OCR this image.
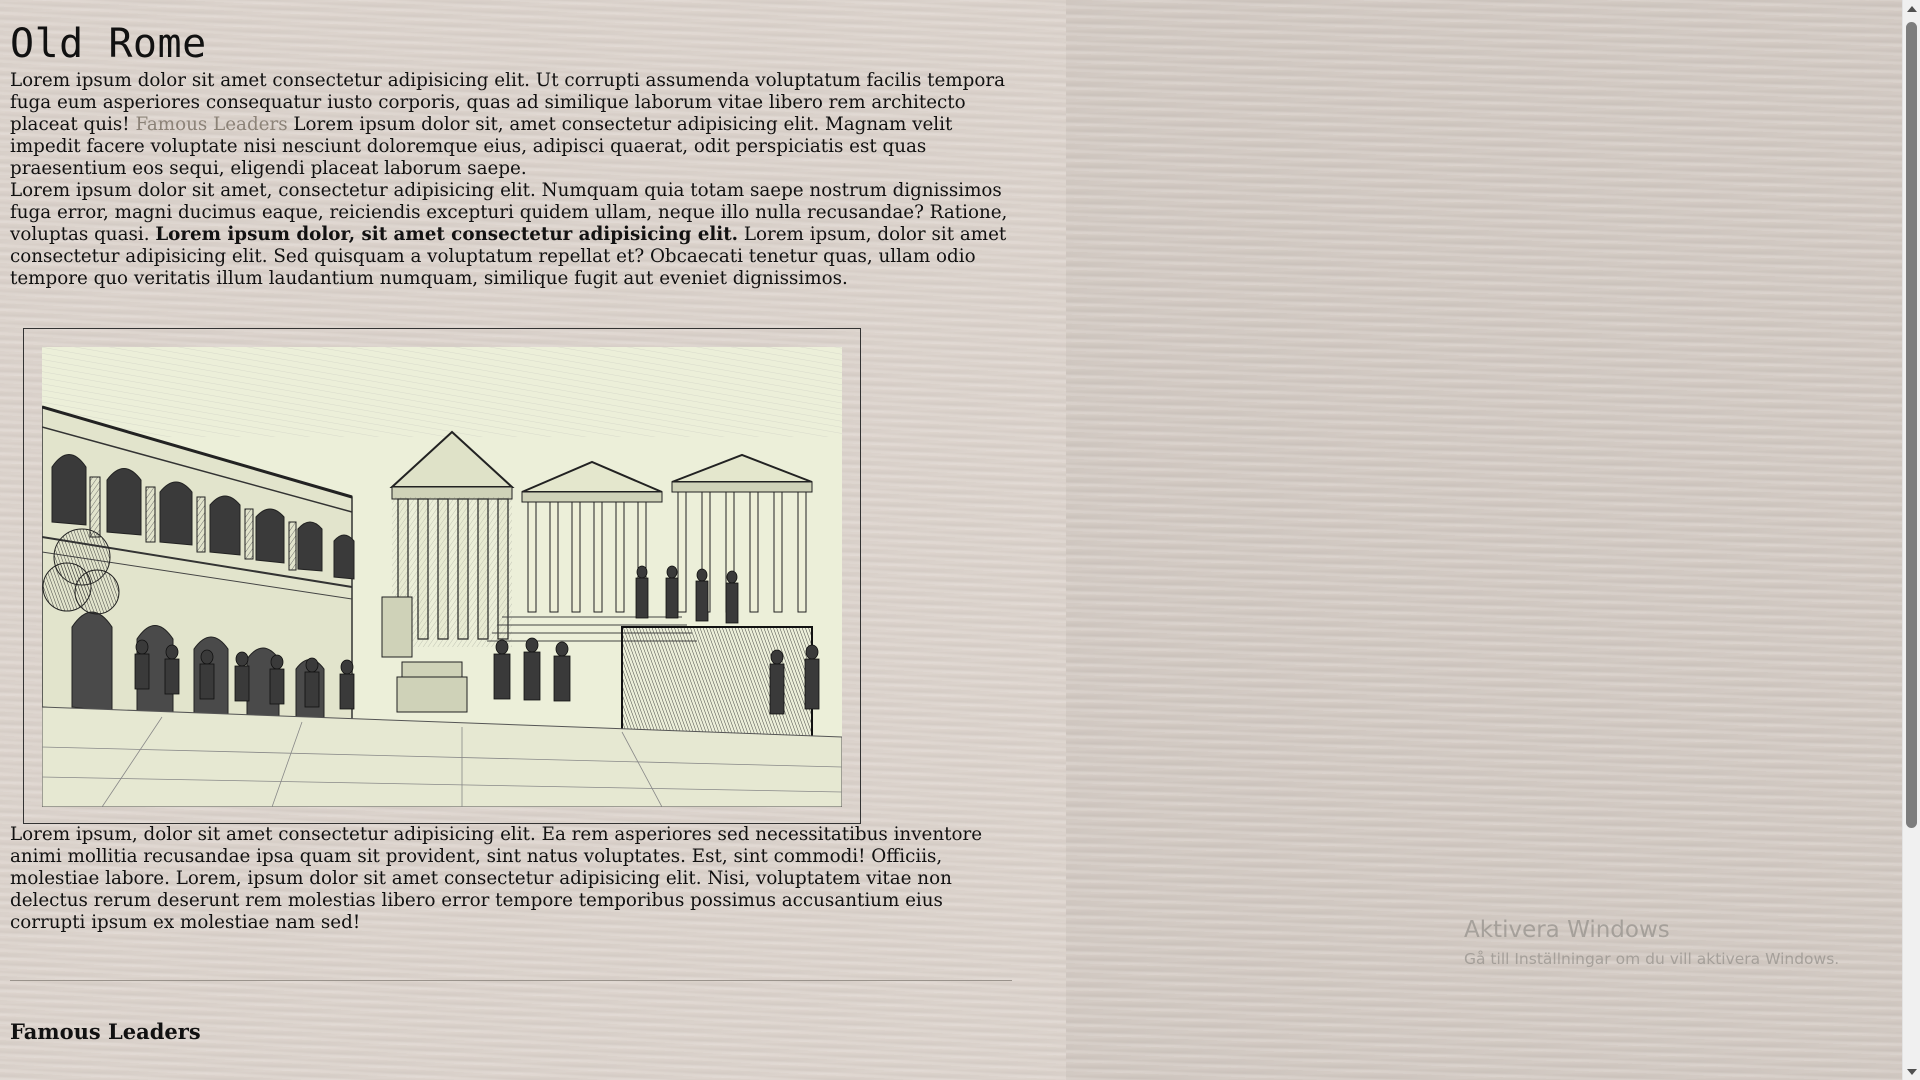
Old Rome

Lorem ipsum dolor sit amet consectetur adipisicing elit. Ut corrupti assumenda voluptatum facilis tempora fuga eum asperiores consequatur iusto corporis, quas ad similique laborum vitae libero rem architecto placeat quis! Famous Leaders Lorem ipsum dolor sit, amet consectetur adipisicing elit. Magnam velit impedit facere voluptate nisi nesciunt doloremque eius, adipisci quaerat, odit perspiciatis est quas praesentium eos sequi, eligendi placeat laborum saepe.

Lorem ipsum dolor sit amet, consectetur adipisicing elit. Numquam quia totam saepe nostrum dignissimos fuga error, magni ducimus eaque, reiciendis excepturi quidem ullam, neque illo nulla recusandae? Ratione, voluptas quasi. Lorem ipsum dolor, sit amet consectetur adipisicing elit. Lorem ipsum, dolor sit amet consectetur adipisicing elit. Sed quisquam a voluptatum repellat et? Obcaecati tenetur quas, ullam odio tempore quo veritatis illum laudantium numquam, similique fugit aut eveniet dignissimos.

Lorem ipsum, dolor sit amet consectetur adipisicing elit. Ea rem asperiores sed necessitatibus inventore animi mollitia recusandae ipsa quam sit provident, sint natus voluptates. Est, sint commodi! Officiis, molestiae labore. Lorem, ipsum dolor sit amet consectetur adipisicing elit. Nisi, voluptatem vitae non delectus rerum deserunt rem molestias libero error tempore temporibus possimus accusantium eius corrupti ipsum ex molestiae nam sed!

Famous Leaders
Aktivera Windows
Gå till Inställningar om du vill aktivera Windows.
